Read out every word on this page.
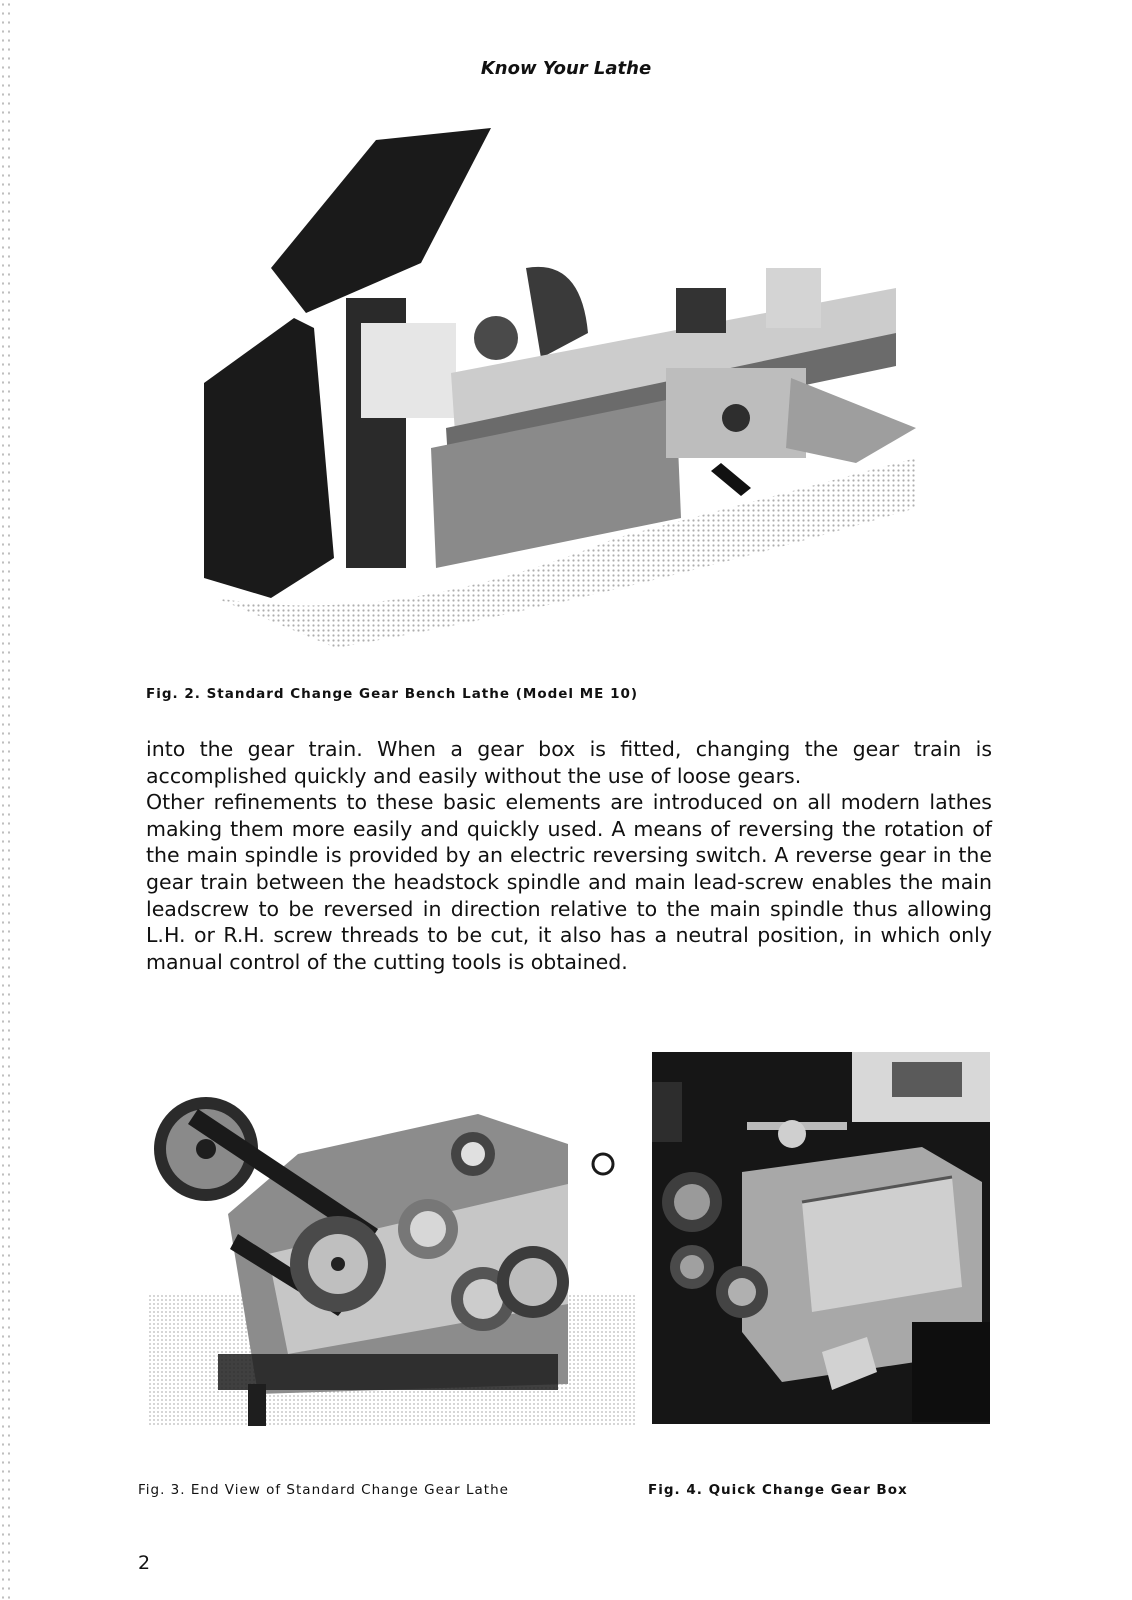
Know Your Lathe
Fig. 2. Standard Change Gear Bench Lathe (Model ME 10)

into the gear train. When a gear box is fitted, changing the gear train is accomplished quickly and easily without the use of loose gears.

Other refinements to these basic elements are introduced on all modern lathes making them more easily and quickly used. A means of reversing the rotation of the main spindle is provided by an electric reversing switch. A reverse gear in the gear train between the headstock spindle and main lead-screw enables the main leadscrew to be reversed in direction relative to the main spindle thus allowing L.H. or R.H. screw threads to be cut, it also has a neutral position, in which only manual control of the cutting tools is obtained.

Fig. 3. End View of Standard Change Gear Lathe	Fig. 4. Quick Change Gear Box
2
